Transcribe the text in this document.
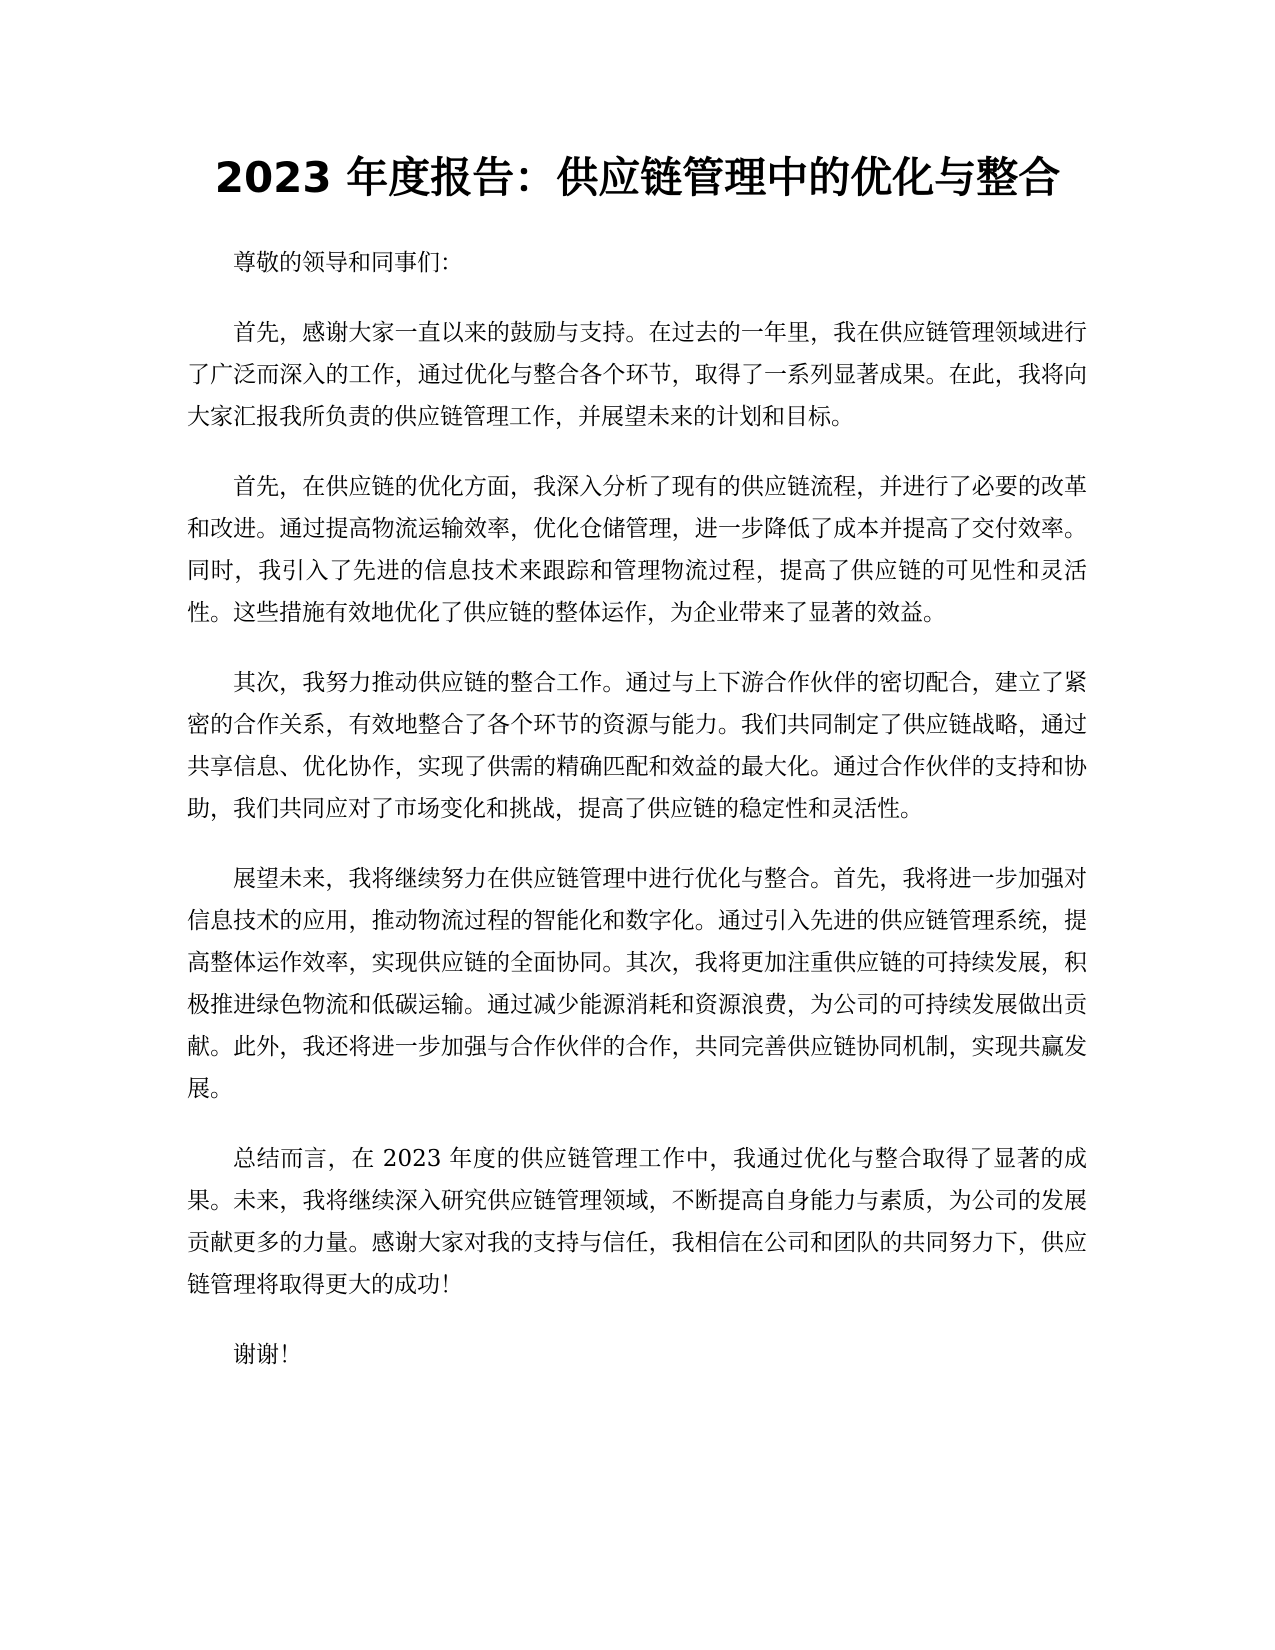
2023 年度报告：供应链管理中的优化与整合

尊敬的领导和同事们：

首先，感谢大家一直以来的鼓励与支持。在过去的一年里，我在供应链管理领域进行了广泛而深入的工作，通过优化与整合各个环节，取得了一系列显著成果。在此，我将向大家汇报我所负责的供应链管理工作，并展望未来的计划和目标。

首先，在供应链的优化方面，我深入分析了现有的供应链流程，并进行了必要的改革和改进。通过提高物流运输效率，优化仓储管理，进一步降低了成本并提高了交付效率。同时，我引入了先进的信息技术来跟踪和管理物流过程，提高了供应链的可见性和灵活性。这些措施有效地优化了供应链的整体运作，为企业带来了显著的效益。

其次，我努力推动供应链的整合工作。通过与上下游合作伙伴的密切配合，建立了紧密的合作关系，有效地整合了各个环节的资源与能力。我们共同制定了供应链战略，通过共享信息、优化协作，实现了供需的精确匹配和效益的最大化。通过合作伙伴的支持和协助，我们共同应对了市场变化和挑战，提高了供应链的稳定性和灵活性。

展望未来，我将继续努力在供应链管理中进行优化与整合。首先，我将进一步加强对信息技术的应用，推动物流过程的智能化和数字化。通过引入先进的供应链管理系统，提高整体运作效率，实现供应链的全面协同。其次，我将更加注重供应链的可持续发展，积极推进绿色物流和低碳运输。通过减少能源消耗和资源浪费，为公司的可持续发展做出贡献。此外，我还将进一步加强与合作伙伴的合作，共同完善供应链协同机制，实现共赢发展。

总结而言，在 2023 年度的供应链管理工作中，我通过优化与整合取得了显著的成果。未来，我将继续深入研究供应链管理领域，不断提高自身能力与素质，为公司的发展贡献更多的力量。感谢大家对我的支持与信任，我相信在公司和团队的共同努力下，供应链管理将取得更大的成功！

谢谢！
